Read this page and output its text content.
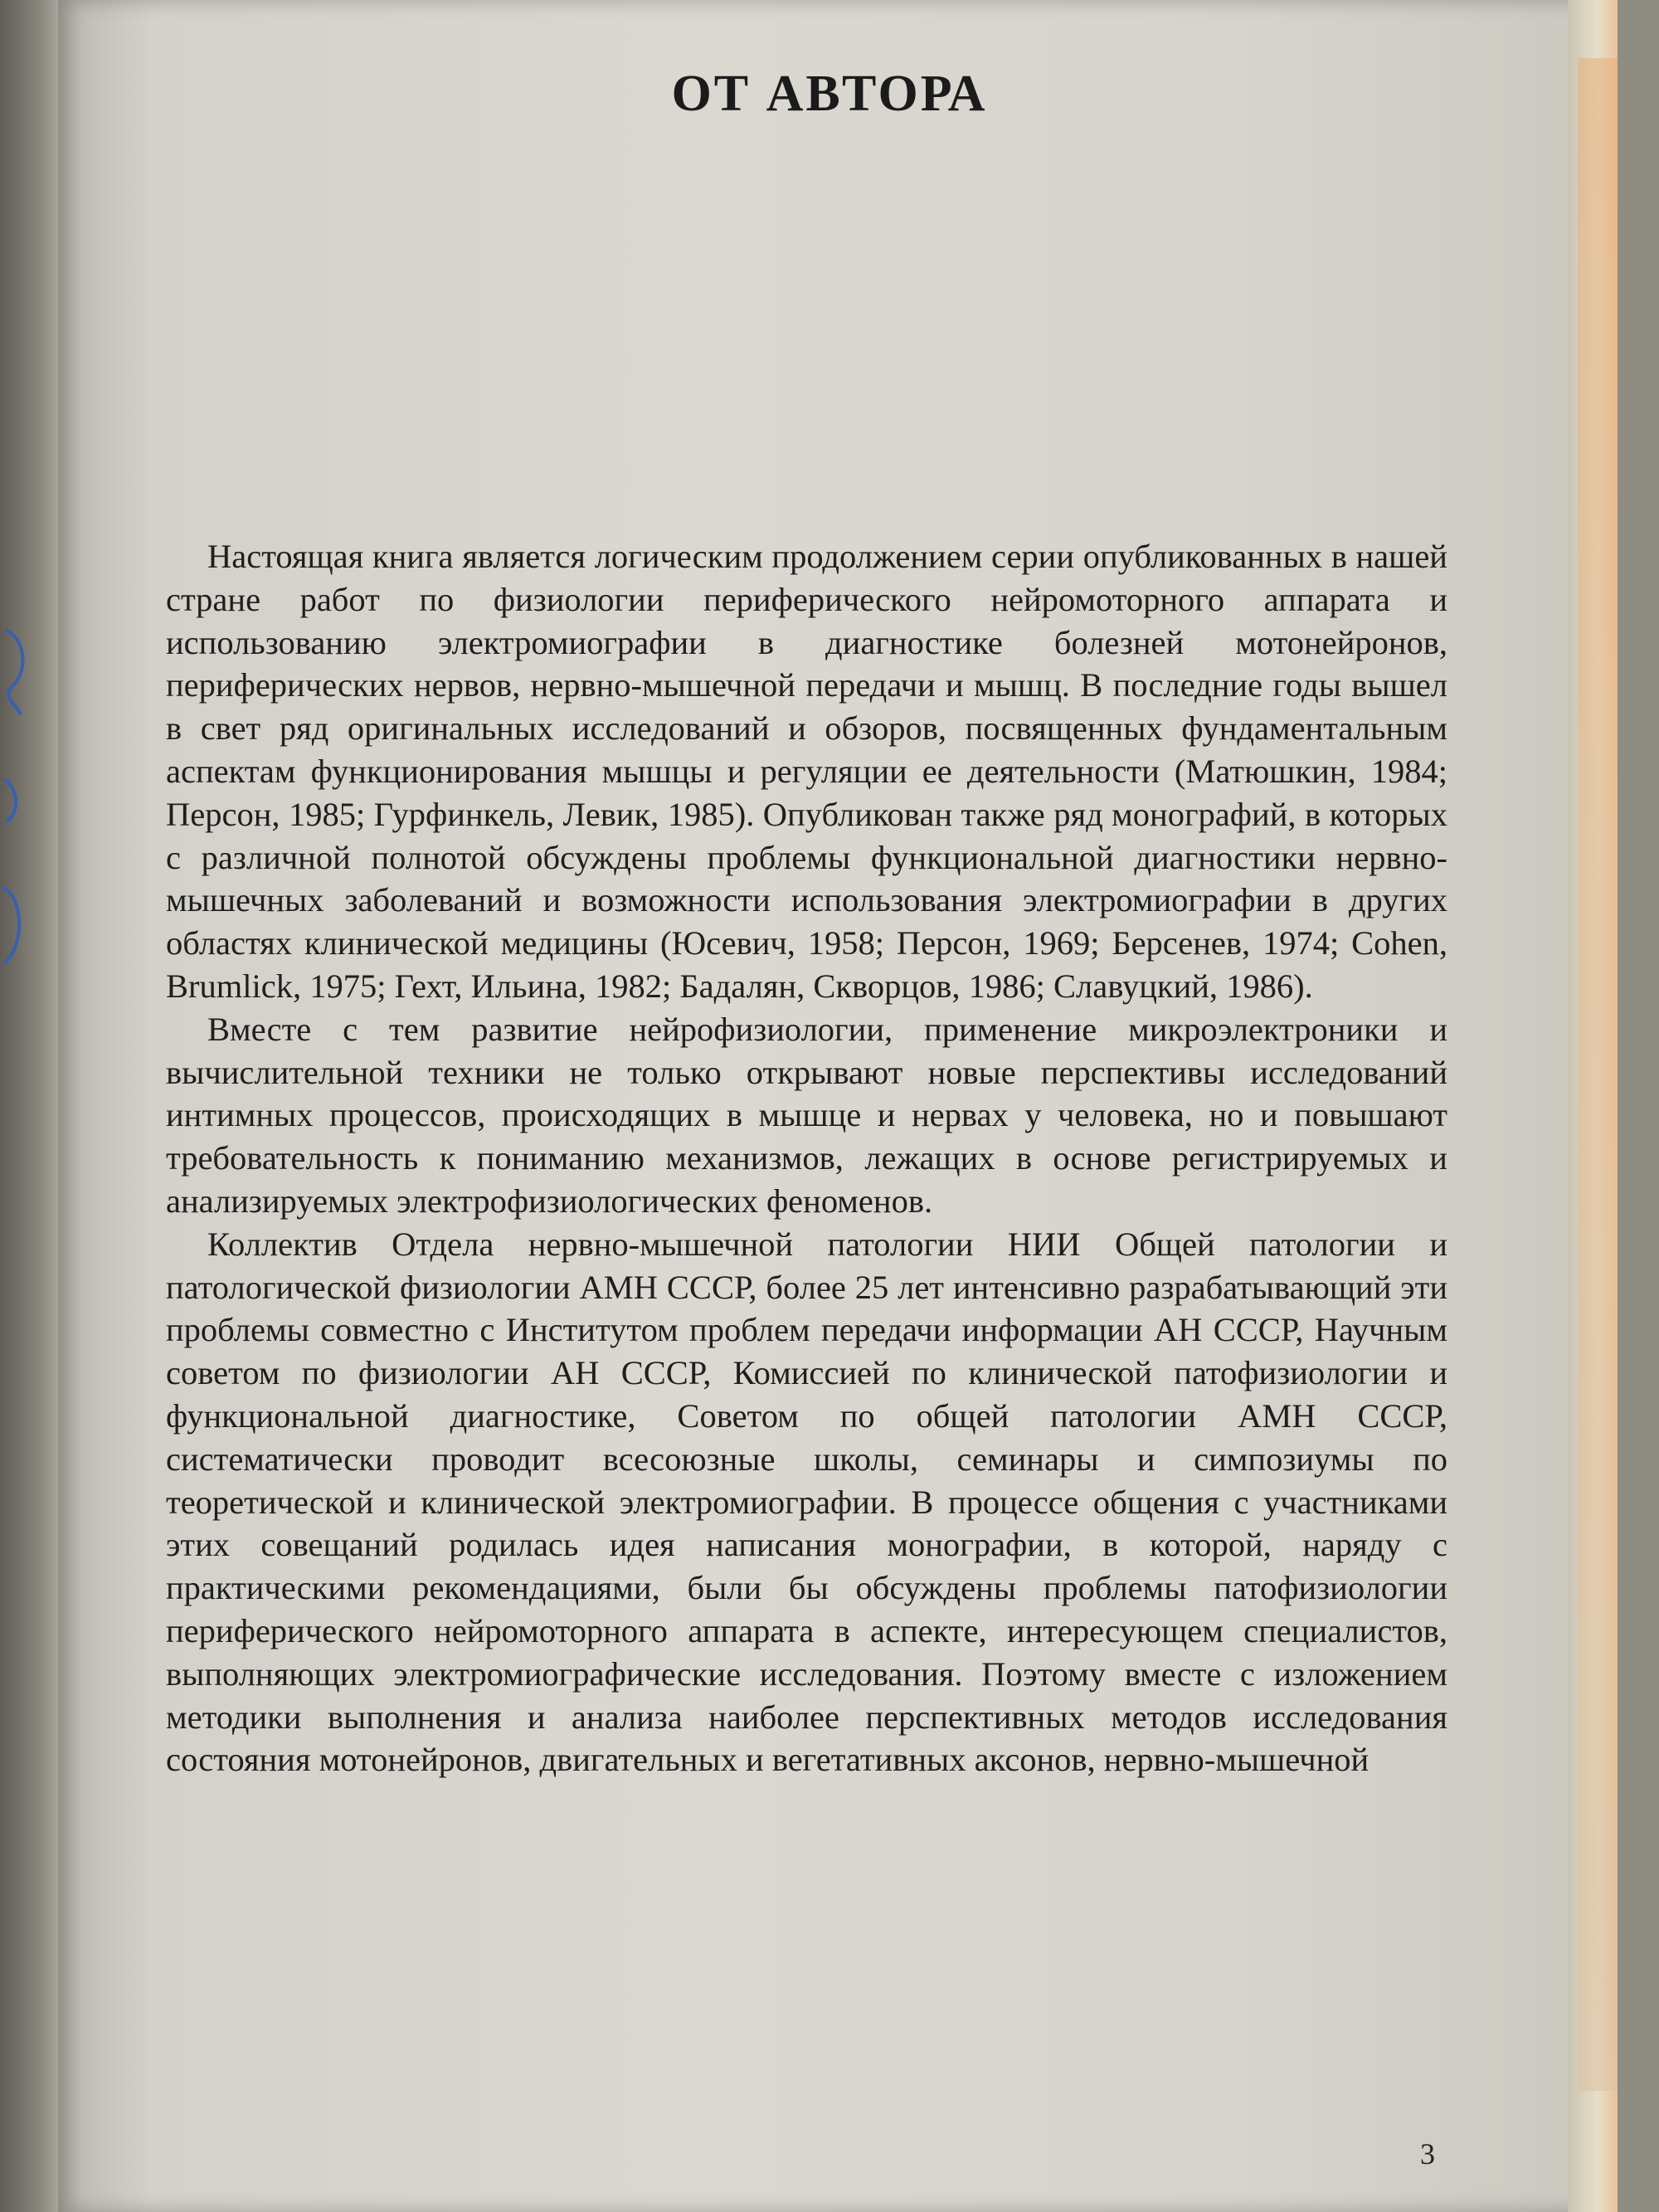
ОТ АВТОРА

Настоящая книга является логическим продолжением серии опубликованных в нашей стране работ по физиологии периферического нейромоторного аппарата и использованию электромиографии в диагностике болезней мотонейронов, периферических нервов, нервно-мышечной передачи и мышц. В последние годы вышел в свет ряд оригинальных исследований и обзоров, посвященных фундаментальным аспектам функционирования мышцы и регуляции ее деятельности (Матюшкин, 1984; Персон, 1985; Гурфинкель, Левик, 1985). Опубликован также ряд монографий, в которых с различной полнотой обсуждены проблемы функциональной диагностики нервно-мышечных заболеваний и возможности использования электромиографии в других областях клинической медицины (Юсевич, 1958; Персон, 1969; Берсенев, 1974; Cohen, Brumlick, 1975; Гехт, Ильина, 1982; Бадалян, Скворцов, 1986; Славуцкий, 1986).

Вместе с тем развитие нейрофизиологии, применение микроэлектроники и вычислительной техники не только открывают новые перспективы исследований интимных процессов, происходящих в мышце и нервах у человека, но и повышают требовательность к пониманию механизмов, лежащих в основе регистрируемых и анализируемых электрофизиологических феноменов.

Коллектив Отдела нервно-мышечной патологии НИИ Общей патологии и патологической физиологии АМН СССР, более 25 лет интенсивно разрабатывающий эти проблемы совместно с Институтом проблем передачи информации АН СССР, Научным советом по физиологии АН СССР, Комиссией по клинической патофизиологии и функциональной диагностике, Советом по общей патологии АМН СССР, систематически проводит всесоюзные школы, семинары и симпозиумы по теоретической и клинической электромиографии. В процессе общения с участниками этих совещаний родилась идея написания монографии, в которой, наряду с практическими рекомендациями, были бы обсуждены проблемы патофизиологии периферического нейромоторного аппарата в аспекте, интересующем специалистов, выполняющих электромиографические исследования. Поэтому вместе с изложением методики выполнения и анализа наиболее перспективных методов исследования состояния мотонейронов, двигательных и вегетативных аксонов, нервно-мышечной

3
